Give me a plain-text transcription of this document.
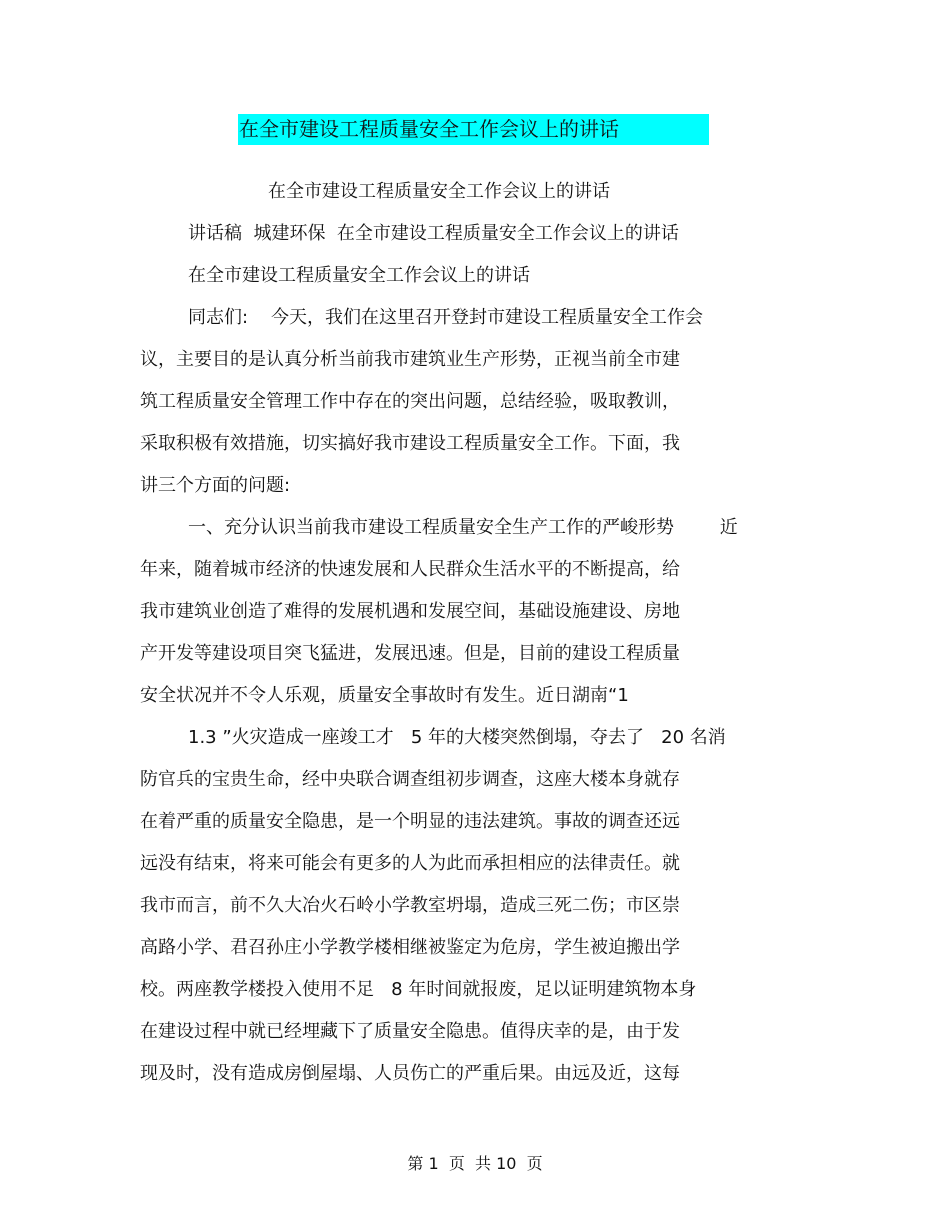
在全市建设工程质量安全工作会议上的讲话
在全市建设工程质量安全工作会议上的讲话
讲话稿  城建环保  在全市建设工程质量安全工作会议上的讲话
在全市建设工程质量安全工作会议上的讲话
同志们:    今天，我们在这里召开登封市建设工程质量安全工作会
议，主要目的是认真分析当前我市建筑业生产形势，正视当前全市建
筑工程质量安全管理工作中存在的突出问题，总结经验，吸取教训，
采取积极有效措施，切实搞好我市建设工程质量安全工作。下面，我
讲三个方面的问题:
一、充分认识当前我市建设工程质量安全生产工作的严峻形势        近
年来，随着城市经济的快速发展和人民群众生活水平的不断提高，给
我市建筑业创造了难得的发展机遇和发展空间，基础设施建设、房地
产开发等建设项目突飞猛进，发展迅速。但是，目前的建设工程质量
安全状况并不令人乐观，质量安全事故时有发生。近日湖南“1
1.3 ”火灾造成一座竣工才   5 年的大楼突然倒塌，夺去了   20 名消
防官兵的宝贵生命，经中央联合调查组初步调查，这座大楼本身就存
在着严重的质量安全隐患，是一个明显的违法建筑。事故的调查还远
远没有结束，将来可能会有更多的人为此而承担相应的法律责任。就
我市而言，前不久大冶火石岭小学教室坍塌，造成三死二伤；市区崇
高路小学、君召孙庄小学教学楼相继被鉴定为危房，学生被迫搬出学
校。两座教学楼投入使用不足   8 年时间就报废，足以证明建筑物本身
在建设过程中就已经埋藏下了质量安全隐患。值得庆幸的是，由于发
现及时，没有造成房倒屋塌、人员伤亡的严重后果。由远及近，这每
第 1  页  共 10  页
